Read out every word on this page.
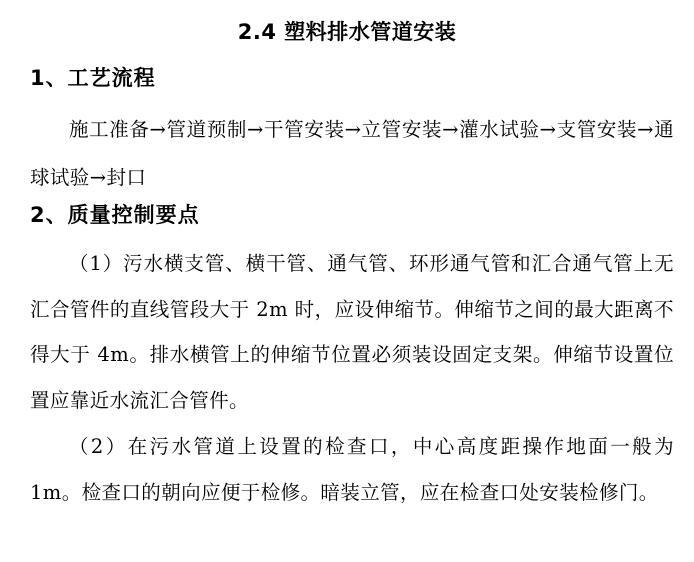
2.4 塑料排水管道安装
1、工艺流程

施工准备→管道预制→干管安装→立管安装→灌水试验→支管安装→通球试验→封口

2、质量控制要点

（1）污水横支管、横干管、通气管、环形通气管和汇合通气管上无汇合管件的直线管段大于 2m 时，应设伸缩节。伸缩节之间的最大距离不得大于 4m。排水横管上的伸缩节位置必须装设固定支架。伸缩节设置位置应靠近水流汇合管件。

（2）在污水管道上设置的检查口，中心高度距操作地面一般为 1m。检查口的朝向应便于检修。暗装立管，应在检查口处安装检修门。
